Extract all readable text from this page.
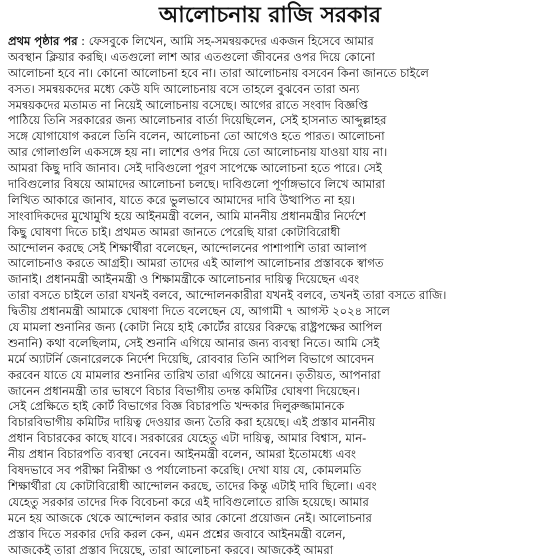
আলোচনায় রাজি সরকার
প্রথম পৃষ্ঠার পর : ফেসবুকে লিখেন, আমি সহ-সমন্বয়কদের একজন হিসেবে আমার
অবস্থান ক্লিয়ার করছি। এতগুলো লাশ আর এতগুলো জীবনের ওপর দিয়ে কোনো
আলোচনা হবে না। কোনো আলোচনা হবে না। তারা আলোচনায় বসবেন কিনা জানতে চাইলে
বসত। সমন্বয়কদের মধ্যে কেউ যদি আলোচনায় বসে তাহলে বুঝবেন তারা অন্য
সমন্বয়কদের মতামত না নিয়েই আলোচনায় বসেছে। আগের রাতে সংবাদ বিজ্ঞপ্তি
পাঠিয়ে তিনি সরকারের জন্য আলোচনার বার্তা দিয়েছিলেন, সেই হাসনাত আব্দুল্লাহর
সঙ্গে যোগাযোগ করলে তিনি বলেন, আলোচনা তো আগেও হতে পারত। আলোচনা
আর গোলাগুলি একসঙ্গে হয় না। লাশের ওপর দিয়ে তো আলোচনায় যাওয়া যায় না।
আমরা কিছু দাবি জানাব। সেই দাবিগুলো পূরণ সাপেক্ষে আলোচনা হতে পারে। সেই
দাবিগুলোর বিষয়ে আমাদের আলোচনা চলছে। দাবিগুলো পূর্ণাঙ্গভাবে লিখে আমারা
লিখিত আকারে জানাব, যাতে করে ভুলভাবে আমাদের দাবি উত্থাপিত না হয়।
সাংবাদিকদের মুখোমুখি হয়ে আইনমন্ত্রী বলেন, আমি মাননীয় প্রধানমন্ত্রীর নির্দেশে
কিছু ঘোষণা দিতে চাই। প্রথমত আমরা জানতে পেরেছি যারা কোটাবিরোধী
আন্দোলন করছে সেই শিক্ষার্থীরা বলেছেন, আন্দোলনের পাশাপাশি তারা আলাপ
আলোচনাও করতে আগ্রহী। আমরা তাদের এই আলাপ আলোচনার প্রস্তাবকে স্বাগত
জানাই। প্রধানমন্ত্রী আইনমন্ত্রী ও শিক্ষামন্ত্রীকে আলোচনার দায়িত্ব দিয়েছেন এবং
তারা বসতে চাইলে তারা যখনই বলবে, আন্দোলনকারীরা যখনই বলবে, তখনই তারা বসতে রাজি।
দ্বিতীয় প্রধানমন্ত্রী আমাকে ঘোষণা দিতে বলেছেন যে, আগামী ৭ আগস্ট ২০২৪ সালে
যে মামলা শুনানির জন্য (কোটা নিয়ে হাই কোর্টের রায়ের বিরুদ্ধে রাষ্ট্রপক্ষের আপিল
শুনানি) কথা বলেছিলাম, সেই শুনানি এগিয়ে আনার জন্য ব্যবস্থা নিতে। আমি সেই
মর্মে অ্যাটর্নি জেনারেলকে নির্দেশ দিয়েছি, রোববার তিনি আপিল বিভাগে আবেদন
করবেন যাতে যে মামলার শুনানির তারিখ তারা এগিয়ে আনেন। তৃতীয়ত, আপনারা
জানেন প্রধানমন্ত্রী তার ভাষণে বিচার বিভাগীয় তদন্ত কমিটির ঘোষণা দিয়েছেন।
সেই প্রেক্ষিতে হাই কোর্ট বিভাগের বিজ্ঞ বিচারপতি খন্দকার দিলুরুজ্জামানকে
বিচারবিভাগীয় কমিটির দায়িত্ব দেওয়ার জন্য তৈরি করা হয়েছে। এই প্রস্তাব মাননীয়
প্রধান বিচারকের কাছে যাবে। সরকারের যেহেতু এটা দায়িত্ব, আমার বিশ্বাস, মান-
নীয় প্রধান বিচারপতি ব্যবস্থা নেবেন। আইনমন্ত্রী বলেন, আমরা ইতোমধ্যে এবং
বিষদভাবে সব পরীক্ষা নিরীক্ষা ও পর্যালোচনা করেছি। দেখা যায় যে, কোমলমতি
শিক্ষার্থীরা যে কোটাবিরোধী আন্দোলন করছে, তাদের কিন্তু এটাই দাবি ছিলো। এবং
যেহেতু সরকার তাদের দিক বিবেচনা করে এই দাবিগুলোতে রাজি হয়েছে। আমার
মনে হয় আজকে থেকে আন্দোলন করার আর কোনো প্রয়োজন নেই। আলোচনার
প্রস্তাব দিতে সরকার দেরি করল কেন, এমন প্রশ্নের জবাবে আইনমন্ত্রী বলেন,
আজকেই তারা প্রস্তাব দিয়েছে, তারা আলোচনা করবে। আজকেই আমরা
